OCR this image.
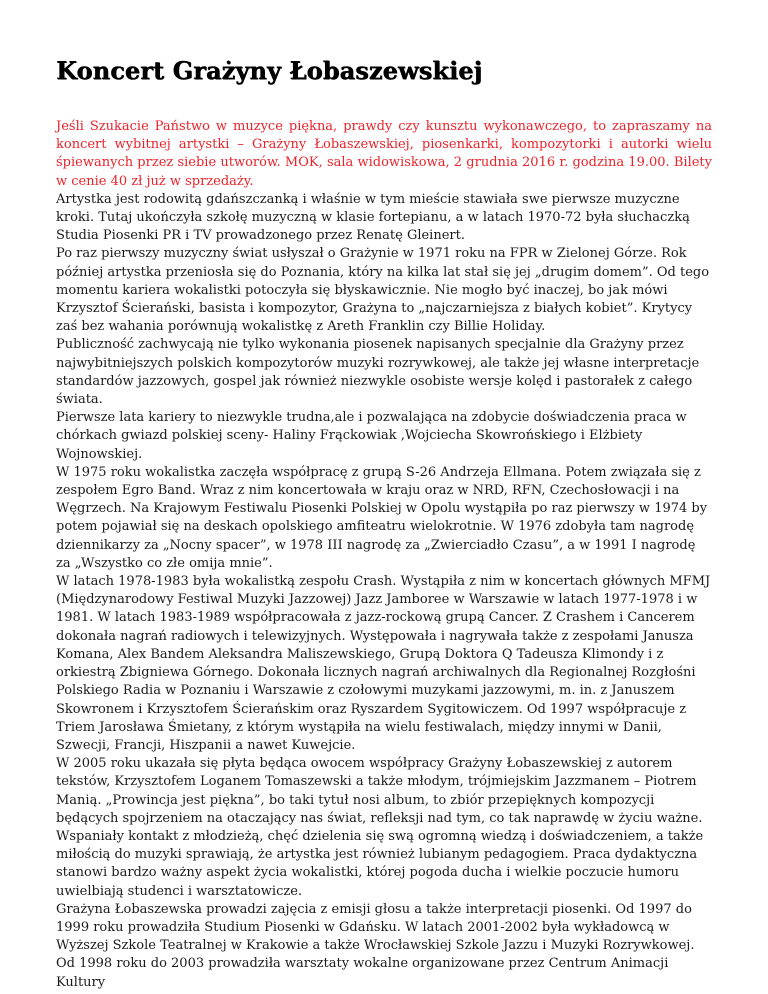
Koncert Grażyny Łobaszewskiej

Jeśli Szukacie Państwo w muzyce piękna, prawdy czy kunsztu wykonawczego, to zapraszamy na koncert wybitnej artystki – Grażyny Łobaszewskiej, piosenkarki, kompozytorki i autorki wielu śpiewanych przez siebie utworów. MOK, sala widowiskowa, 2 grudnia 2016 r. godzina 19.00. Bilety w cenie 40 zł już w sprzedaży.

Artystka jest rodowitą gdańszczanką i właśnie w tym mieście stawiała swe pierwsze muzyczne kroki. Tutaj ukończyła szkołę muzyczną w klasie fortepianu, a w latach 1970-72 była słuchaczką Studia Piosenki PR i TV prowadzonego przez Renatę Gleinert.

Po raz pierwszy muzyczny świat usłyszał o Grażynie w 1971 roku na FPR w Zielonej Górze. Rok później artystka przeniosła się do Poznania, który na kilka lat stał się jej „drugim domem”. Od tego momentu kariera wokalistki potoczyła się błyskawicznie. Nie mogło być inaczej, bo jak mówi Krzysztof Ścierański, basista i kompozytor, Grażyna to „najczarniejsza z białych kobiet”. Krytycy zaś bez wahania porównują wokalistkę z Areth Franklin czy Billie Holiday.

Publiczność zachwycają nie tylko wykonania piosenek napisanych specjalnie dla Grażyny przez najwybitniejszych polskich kompozytorów muzyki rozrywkowej, ale także jej własne interpretacje standardów jazzowych, gospel jak również niezwykle osobiste wersje kolęd i pastorałek z całego świata.

Pierwsze lata kariery to niezwykle trudna,ale i pozwalająca na zdobycie doświadczenia praca w chórkach gwiazd polskiej sceny- Haliny Frąckowiak ,Wojciecha Skowrońskiego i Elżbiety Wojnowskiej.

W 1975 roku wokalistka zaczęła współpracę z grupą S-26 Andrzeja Ellmana. Potem związała się z zespołem Egro Band. Wraz z nim koncertowała w kraju oraz w NRD, RFN, Czechosłowacji i na Węgrzech. Na Krajowym Festiwalu Piosenki Polskiej w Opolu wystąpiła po raz pierwszy w 1974 by potem pojawiał się na deskach opolskiego amfiteatru wielokrotnie. W 1976 zdobyła tam nagrodę dziennikarzy za „Nocny spacer”, w 1978 III nagrodę za „Zwierciadło Czasu”, a w 1991 I nagrodę za „Wszystko co złe omija mnie”.

W latach 1978-1983 była wokalistką zespołu Crash. Wystąpiła z nim w koncertach głównych MFMJ (Międzynarodowy Festiwal Muzyki Jazzowej) Jazz Jamboree w Warszawie w latach 1977-1978 i w 1981. W latach 1983-1989 współpracowała z jazz-rockową grupą Cancer. Z Crashem i Cancerem dokonała nagrań radiowych i telewizyjnych. Występowała i nagrywała także z zespołami Janusza Komana, Alex Bandem Aleksandra Maliszewskiego, Grupą Doktora Q Tadeusza Klimondy i z orkiestrą Zbigniewa Górnego. Dokonała licznych nagrań archiwalnych dla Regionalnej Rozgłośni Polskiego Radia w Poznaniu i Warszawie z czołowymi muzykami jazzowymi, m. in. z Januszem Skowronem i Krzysztofem Ścierańskim oraz Ryszardem Sygitowiczem. Od 1997 współpracuje z Triem Jarosława Śmietany, z którym wystąpiła na wielu festiwalach, między innymi w Danii, Szwecji, Francji, Hiszpanii a nawet Kuwejcie.

W 2005 roku ukazała się płyta będąca owocem współpracy Grażyny Łobaszewskiej z autorem tekstów, Krzysztofem Loganem Tomaszewski a także młodym, trójmiejskim Jazzmanem – Piotrem Manią. „Prowincja jest piękna”, bo taki tytuł nosi album, to zbiór przepięknych kompozycji będących spojrzeniem na otaczający nas świat, refleksji nad tym, co tak naprawdę w życiu ważne. Wspaniały kontakt z młodzieżą, chęć dzielenia się swą ogromną wiedzą i doświadczeniem, a także miłością do muzyki sprawiają, że artystka jest również lubianym pedagogiem. Praca dydaktyczna stanowi bardzo ważny aspekt życia wokalistki, której pogoda ducha i wielkie poczucie humoru uwielbiają studenci i warsztatowicze.

Grażyna Łobaszewska prowadzi zajęcia z emisji głosu a także interpretacji piosenki. Od 1997 do 1999 roku prowadziła Studium Piosenki w Gdańsku. W latach 2001-2002 była wykładowcą w Wyższej Szkole Teatralnej w Krakowie a także Wrocławskiej Szkole Jazzu i Muzyki Rozrywkowej. Od 1998 roku do 2003 prowadziła warsztaty wokalne organizowane przez Centrum Animacji Kultury
